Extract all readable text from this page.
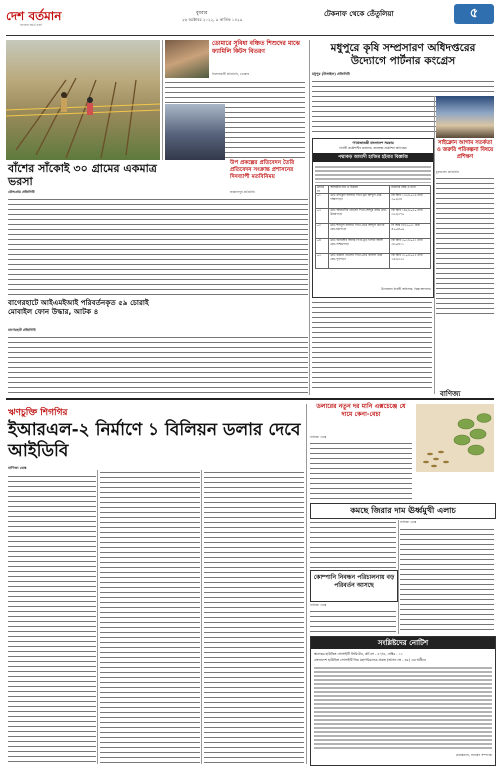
দেশ বর্তমান
বাংলার সমগ্র খবর
বুধবার
২৬ অক্টোবর ২০২২, ৯ কার্তিক ১৪২৯
টেকনাফ থেকে তেঁতুলিয়া	৫
ডোমারে সুবিধা বঞ্চিত শিশুদের মাঝে ফ্যামিলি কিটস বিতরণ
নিলফামারী প্রতিনিধি, ডোমার
বাঁশের সাঁকোই ৩০ গ্রামের একমাত্র ভরসা
চৌদ্দগ্রাম প্রতিনিধি
উপ প্রকল্পের প্রতিবেদন তৈরি প্রতিবেদন সংক্রান্ত প্রশাসনের দিনব্যাপী মতবিনিময়
জামালপুর প্রতিনিধি
মধুপুরে কৃষি সম্প্রসারণ অধিদপ্তরের উদ্যোগে পার্টনার কংগ্রেস
মধুপুর (টাঙ্গাইল) প্রতিনিধি
গণপ্রজাতন্ত্রী বাংলাদেশ সরকার
নির্বাহী প্রকৌশলীর কার্যালয়, জনস্বাস্থ্য প্রকৌশল অধিদপ্তর
পদ্মাকড় আমাদী হাজির হইবার বিজ্ঞপ্তি
ক্রমিক নং	আসামীর নাম ও ঠিকানা	মামলার নম্বর ও ধারা
০১	মোঃ রফিকুল ইসলাম পিতা-মৃত আব্দুল গ্রাম-দক্ষিণপাড়া	জি আর ১২৩/২০১৯ ধারা ৩০২/৩৪
০২	মোঃ আলমগীর হোসেন পিতা-আব্দুর রহিম গ্রাম-উত্তরপাড়া	জি আর ১৪৫/২০২০ ধারা ৩২৩/৩৭৯
০৩	মোঃ শহিদুল ইসলাম পিতা-মোঃ আব্দুল কাদের গ্রাম-মধ্যপাড়া	সি আর ৮৮/২০২১ ধারা ৪২০/৪০৬
০৪	মোঃ জাহাঙ্গীর আলম পিতা-মৃত হাসান আলী গ্রাম-পশ্চিমপাড়া	জি আর ২০১/২০২১ ধারা ৩৮০/৪১১
০৫	মোঃ কামাল হোসেন পিতা-মোঃ জলিল মিয়া গ্রাম-পূর্বপাড়া	জি আর ৩১০/২০২২ ধারা ১৪৩/৩২৩
উপজেলা নির্বাহী অফিসার, বিজ্ঞ আদালত
সাইক্লোন আগাম সতর্কতা ও জরুরি পরিকল্পনা বিষয়ে প্রশিক্ষণ
চুয়াডাঙ্গা প্রতিনিধি
বাগেরহাটে আইএমইআই পরিবর্তনকৃত ৫৯ চোরাই মোবাইল ফোন উদ্ধার, আটক ৪
বাগেরহাট প্রতিনিধি
বাণিজ্য
ঋণচুক্তি শিগগির
ইআরএল-২ নির্মাণে ১ বিলিয়ন ডলার দেবে আইডিবি
বাণিজ্য ডেস্ক
ডলারের নতুন দর মানি এক্সচেঞ্জে যে দামে কেনা-বেচা
বাণিজ্য ডেস্ক
কমছে জিরার দাম ঊর্ধ্বমুখী এলাচ
বাণিজ্য ডেস্ক
কোম্পানি নিবন্ধন পরিচালনায় বড় পরিবর্তন আসছে
বাণিজ্য ডেস্ক
সংশ্লিষ্টদের নোটিশ
স্থানান্তর হাউজিং সোসাইটি লিমিটেড, প্লট নং - ৫০/এ, সেক্টর - ১১
বাংলাদেশ হাউজিং সোসাইটি লিঃ মহাপরিচালক প্রকল্প (আসন নং - ৩৫) এর অধীনে
চেয়ারম্যান, সাধারণ সম্পাদক
